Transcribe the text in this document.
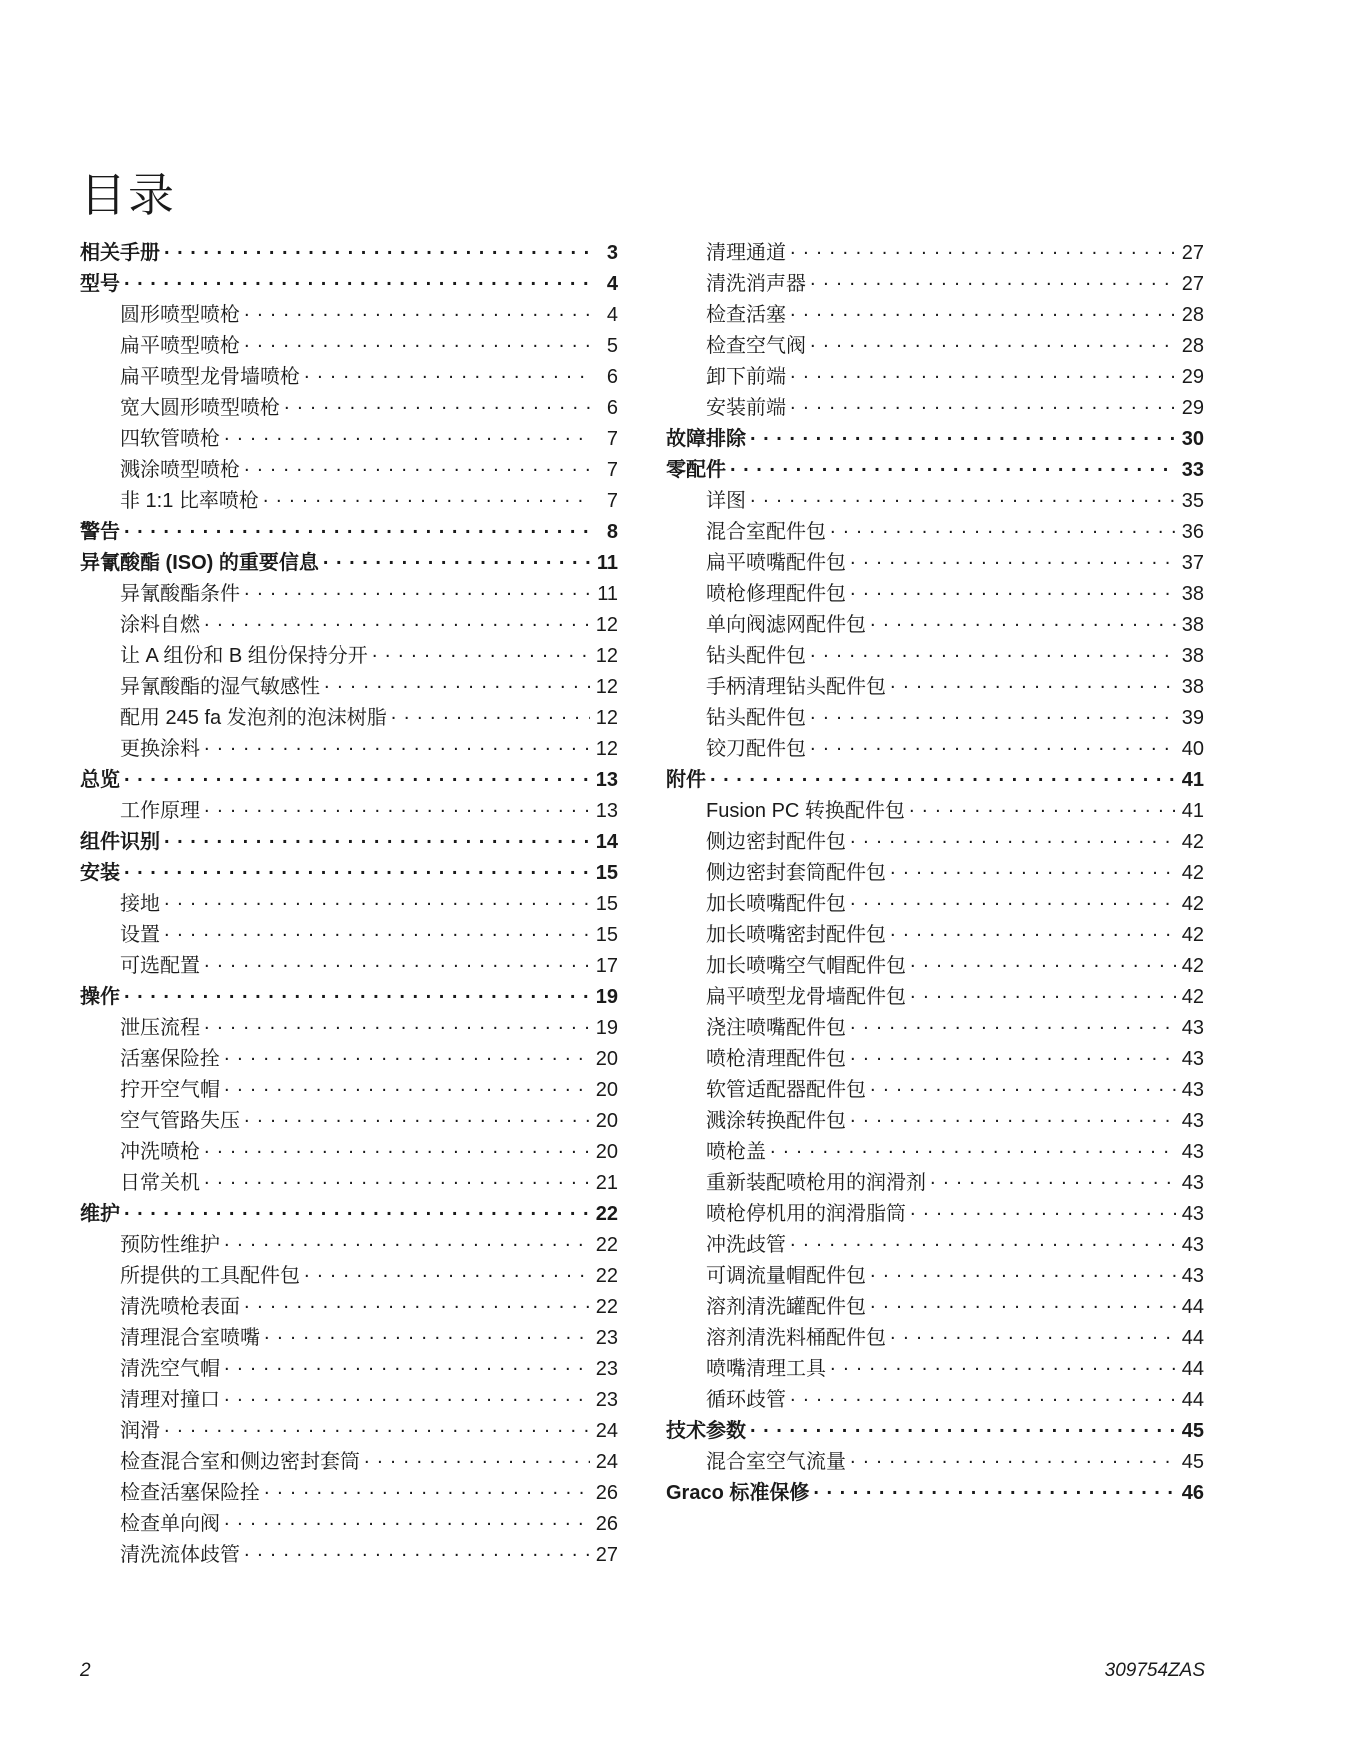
目录
相关手册 . . .	3
型号 . . .	4
圆形喷型喷枪 . . .	4
扁平喷型喷枪 . . .	5
扁平喷型龙骨墙喷枪 . . .	6
宽大圆形喷型喷枪 . . .	6
四软管喷枪 . . .	7
溅涂喷型喷枪 . . .	7
非 1:1 比率喷枪 . . .	7
警告 . . .	8
异氰酸酯 (ISO) 的重要信息 . . .	11
异氰酸酯条件 . . .	11
涂料自燃 . . .	12
让 A 组份和 B 组份保持分开 . . .	12
异氰酸酯的湿气敏感性 . . .	12
配用 245 fa 发泡剂的泡沫树脂 . . .	12
更换涂料 . . .	12
总览 . . .	13
工作原理 . . .	13
组件识别 . . .	14
安装 . . .	15
接地 . . .	15
设置 . . .	15
可选配置 . . .	17
操作 . . .	19
泄压流程 . . .	19
活塞保险拴 . . .	20
拧开空气帽 . . .	20
空气管路失压 . . .	20
冲洗喷枪 . . .	20
日常关机 . . .	21
维护 . . .	22
预防性维护 . . .	22
所提供的工具配件包 . . .	22
清洗喷枪表面 . . .	22
清理混合室喷嘴 . . .	23
清洗空气帽 . . .	23
清理对撞口 . . .	23
润滑 . . .	24
检查混合室和侧边密封套筒 . . .	24
检查活塞保险拴 . . .	26
检查单向阀 . . .	26
清洗流体歧管 . . .	27
清理通道 . . .	27
清洗消声器 . . .	27
检查活塞 . . .	28
检查空气阀 . . .	28
卸下前端 . . .	29
安装前端 . . .	29
故障排除 . . .	30
零配件 . . .	33
详图 . . .	35
混合室配件包 . . .	36
扁平喷嘴配件包 . . .	37
喷枪修理配件包 . . .	38
单向阀滤网配件包 . . .	38
钻头配件包 . . .	38
手柄清理钻头配件包 . . .	38
钻头配件包 . . .	39
铰刀配件包 . . .	40
附件 . . .	41
Fusion PC 转换配件包 . . .	41
侧边密封配件包 . . .	42
侧边密封套筒配件包 . . .	42
加长喷嘴配件包 . . .	42
加长喷嘴密封配件包 . . .	42
加长喷嘴空气帽配件包 . . .	42
扁平喷型龙骨墙配件包 . . .	42
浇注喷嘴配件包 . . .	43
喷枪清理配件包 . . .	43
软管适配器配件包 . . .	43
溅涂转换配件包 . . .	43
喷枪盖 . . .	43
重新装配喷枪用的润滑剂 . . .	43
喷枪停机用的润滑脂筒 . . .	43
冲洗歧管 . . .	43
可调流量帽配件包 . . .	43
溶剂清洗罐配件包 . . .	44
溶剂清洗料桶配件包 . . .	44
喷嘴清理工具 . . .	44
循环歧管 . . .	44
技术参数 . . .	45
混合室空气流量 . . .	45
Graco 标准保修 . . .	46
2	309754ZAS
